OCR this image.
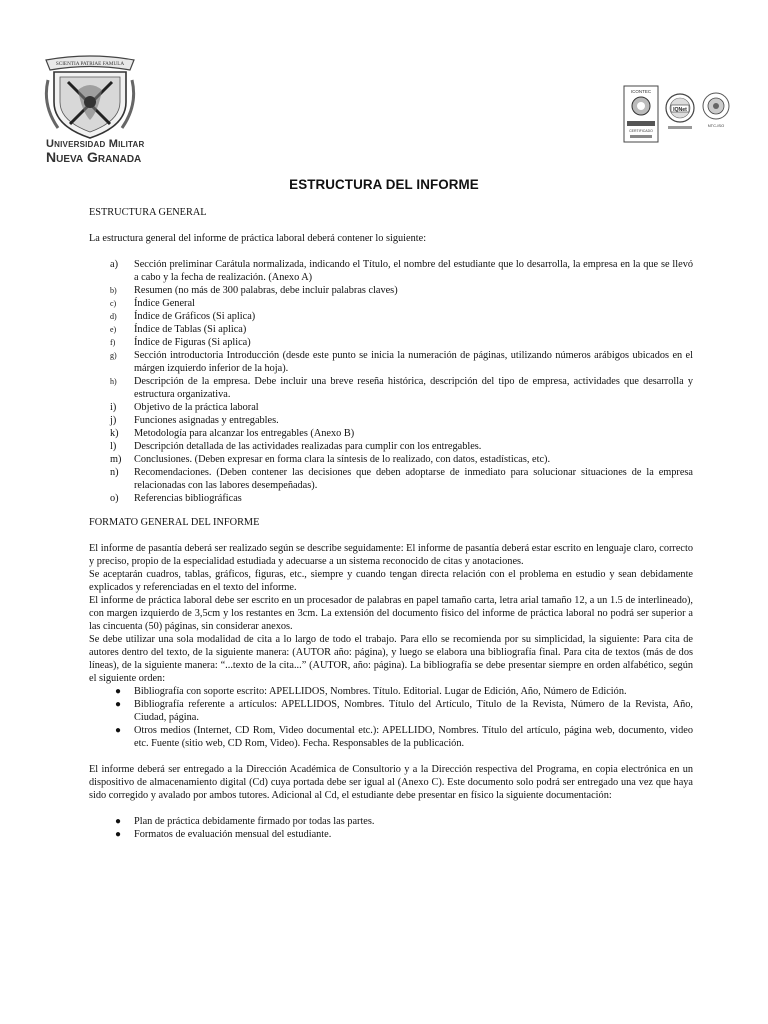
SCIENTIA PATRIAE FAMULA
Universidad Militar
Nueva Granada
ICONTEC
CERTIFICADO
IQNet
NTC-ISO
ESTRUCTURA DEL INFORME

ESTRUCTURA GENERAL

La estructura general del informe de práctica laboral deberá contener lo siguiente:

a) Sección preliminar Carátula normalizada, indicando el Título, el nombre del estudiante que lo desarrolla, la empresa en la que se llevó a cabo y la fecha de realización. (Anexo A)
b) Resumen (no más de 300 palabras, debe incluir palabras claves)
c) Índice General
d) Índice de Gráficos (Si aplica)
e) Índice de Tablas (Si aplica)
f) Índice de Figuras (Si aplica)
g) Sección introductoria Introducción (desde este punto se inicia la numeración de páginas, utilizando números arábigos ubicados en el márgen izquierdo inferior de la hoja).
h) Descripción de la empresa. Debe incluir una breve reseña histórica, descripción del tipo de empresa, actividades que desarrolla y estructura organizativa.
i) Objetivo de la práctica laboral
j) Funciones asignadas y entregables.
k) Metodología para alcanzar los entregables (Anexo B)
l) Descripción detallada de las actividades realizadas para cumplir con los entregables.
m) Conclusiones. (Deben expresar en forma clara la síntesis de lo realizado, con datos, estadísticas, etc).
n) Recomendaciones. (Deben contener las decisiones que deben adoptarse de inmediato para solucionar situaciones de la empresa relacionadas con las labores desempeñadas).
o) Referencias bibliográficas

FORMATO GENERAL DEL INFORME

El informe de pasantía deberá ser realizado según se describe seguidamente: El informe de pasantía deberá estar escrito en lenguaje claro, correcto y preciso, propio de la especialidad estudiada y adecuarse a un sistema reconocido de citas y anotaciones.

Se aceptarán cuadros, tablas, gráficos, figuras, etc., siempre y cuando tengan directa relación con el problema en estudio y sean debidamente explicados y referenciadas en el texto del informe.

El informe de práctica laboral debe ser escrito en un procesador de palabras en papel tamaño carta, letra arial tamaño 12, a un 1.5 de interlineado), con margen izquierdo de 3,5cm y los restantes en 3cm. La extensión del documento físico del informe de práctica laboral no podrá ser superior a las cincuenta (50) páginas, sin considerar anexos.

Se debe utilizar una sola modalidad de cita a lo largo de todo el trabajo. Para ello se recomienda por su simplicidad, la siguiente: Para cita de autores dentro del texto, de la siguiente manera: (AUTOR año: página), y luego se elabora una bibliografía final. Para cita de textos (más de dos líneas), de la siguiente manera: “...texto de la cita...” (AUTOR, año: página). La bibliografía se debe presentar siempre en orden alfabético, según el siguiente orden:

● Bibliografía con soporte escrito: APELLIDOS, Nombres. Título. Editorial. Lugar de Edición, Año, Número de Edición.
● Bibliografía referente a artículos: APELLIDOS, Nombres. Título del Artículo, Título de la Revista, Número de la Revista, Año, Ciudad, página.
● Otros medios (Internet, CD Rom, Video documental etc.): APELLIDO, Nombres. Título del artículo, página web, documento, video etc. Fuente (sitio web, CD Rom, Video). Fecha. Responsables de la publicación.

El informe deberá ser entregado a la Dirección Académica de Consultorio y a la Dirección respectiva del Programa, en copia electrónica en un dispositivo de almacenamiento digital (Cd) cuya portada debe ser igual al (Anexo C). Este documento solo podrá ser entregado una vez que haya sido corregido y avalado por ambos tutores. Adicional al Cd, el estudiante debe presentar en físico la siguiente documentación:

● Plan de práctica debidamente firmado por todas las partes.
● Formatos de evaluación mensual del estudiante.
